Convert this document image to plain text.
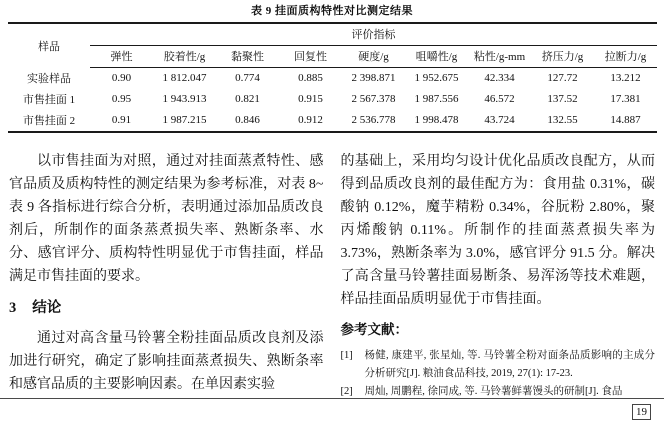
表 9 挂面质构特性对比测定结果
样品	评价指标								
	弹性	胶着性/g	黏聚性	回复性	硬度/g	咀嚼性/g	粘性/g-mm	挤压力/g	拉断力/g
实验样品	0.90	1 812.047	0.774	0.885	2 398.871	1 952.675	42.334	127.72	13.212
市售挂面 1	0.95	1 943.913	0.821	0.915	2 567.378	1 987.556	46.572	137.52	17.381
市售挂面 2	0.91	1 987.215	0.846	0.912	2 536.778	1 998.478	43.724	132.55	14.887

以市售挂面为对照，通过对挂面蒸煮特性、感官品质及质构特性的测定结果为参考标准，对表 8~表 9 各指标进行综合分析，表明通过添加品质改良剂后，所制作的面条蒸煮损失率、熟断条率、水分、感官评分、质构特性明显优于市售挂面，样品满足市售挂面的要求。

3 结论

通过对高含量马铃薯全粉挂面品质改良剂及添加进行研究，确定了影响挂面蒸煮损失、熟断条率和感官品质的主要影响因素。在单因素实验

的基础上，采用均匀设计优化品质改良配方，从而得到品质改良剂的最佳配方为：食用盐 0.31%，碳酸钠 0.12%，魔芋精粉 0.34%，谷朊粉 2.80%，聚丙烯酸钠 0.11%。所制作的挂面蒸煮损失率为 3.73%，熟断条率为 3.0%，感官评分 91.5 分。解决了高含量马铃薯挂面易断条、易浑汤等技术难题，样品挂面品质明显优于市售挂面。

参考文献：
[1]	杨健, 康建平, 张星灿, 等. 马铃薯全粉对面条品质影响的主成分分析研究[J]. 粮油食品科技, 2019, 27(1): 17-23.
[2]	周灿, 周鹏程, 徐同成, 等. 马铃薯鲜薯馒头的研制[J]. 食品
19
